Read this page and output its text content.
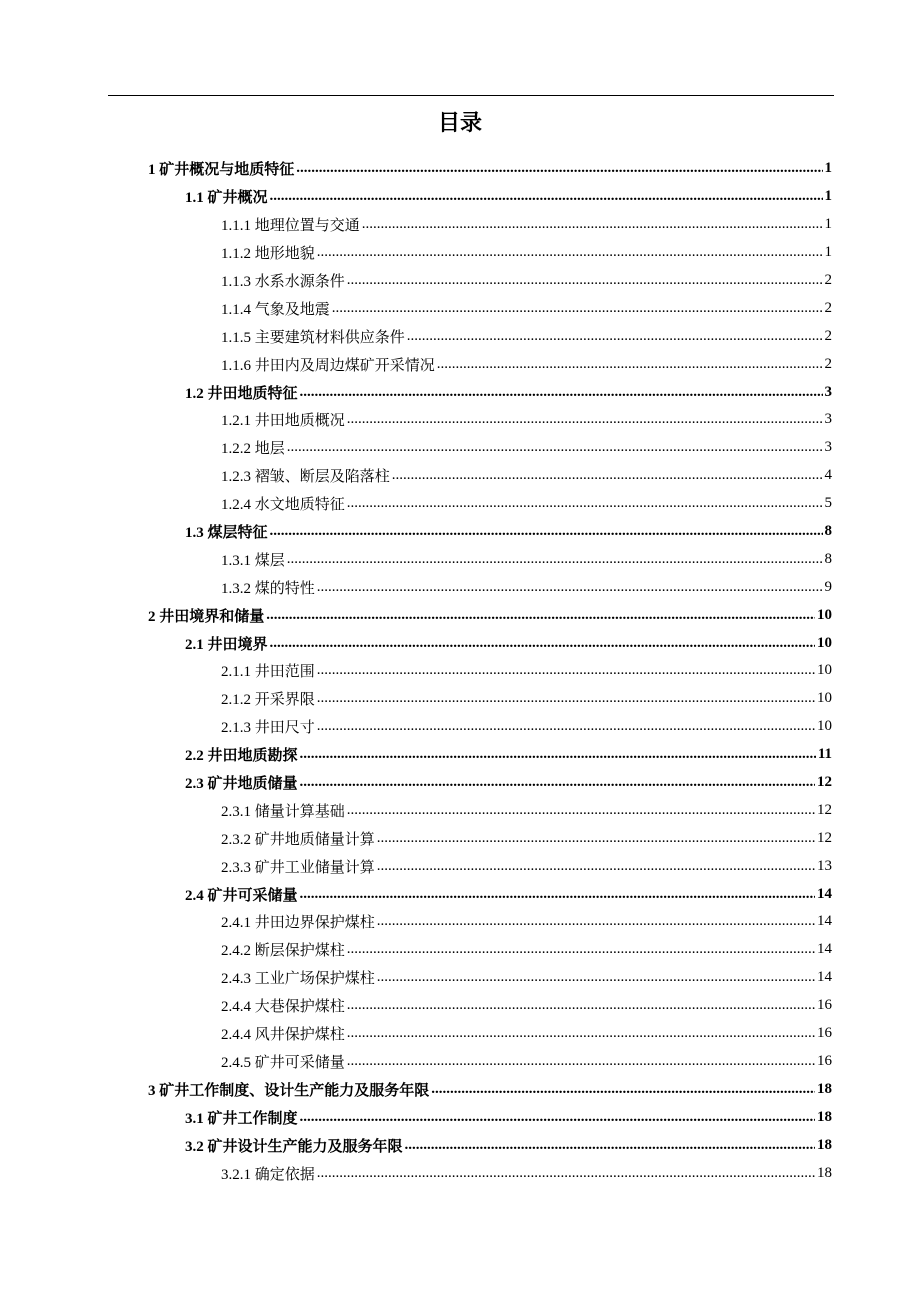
目录
1 矿井概况与地质特征 .....	1
1.1 矿井概况 .....	1
1.1.1 地理位置与交通 .....	1
1.1.2 地形地貌 .....	1
1.1.3 水系水源条件 .....	2
1.1.4 气象及地震 .....	2
1.1.5 主要建筑材料供应条件 .....	2
1.1.6 井田内及周边煤矿开采情况 .....	2
1.2 井田地质特征 .....	3
1.2.1 井田地质概况 .....	3
1.2.2 地层 .....	3
1.2.3 褶皱、断层及陷落柱 .....	4
1.2.4 水文地质特征 .....	5
1.3 煤层特征 .....	8
1.3.1 煤层 .....	8
1.3.2 煤的特性 .....	9
2 井田境界和储量 .....	10
2.1 井田境界 .....	10
2.1.1 井田范围 .....	10
2.1.2 开采界限 .....	10
2.1.3 井田尺寸 .....	10
2.2 井田地质勘探 .....	11
2.3 矿井地质储量 .....	12
2.3.1 储量计算基础 .....	12
2.3.2 矿井地质储量计算 .....	12
2.3.3 矿井工业储量计算 .....	13
2.4 矿井可采储量 .....	14
2.4.1 井田边界保护煤柱 .....	14
2.4.2 断层保护煤柱 .....	14
2.4.3 工业广场保护煤柱 .....	14
2.4.4 大巷保护煤柱 .....	16
2.4.4 风井保护煤柱 .....	16
2.4.5 矿井可采储量 .....	16
3 矿井工作制度、设计生产能力及服务年限 .....	18
3.1 矿井工作制度 .....	18
3.2 矿井设计生产能力及服务年限 .....	18
3.2.1 确定依据 .....	18
